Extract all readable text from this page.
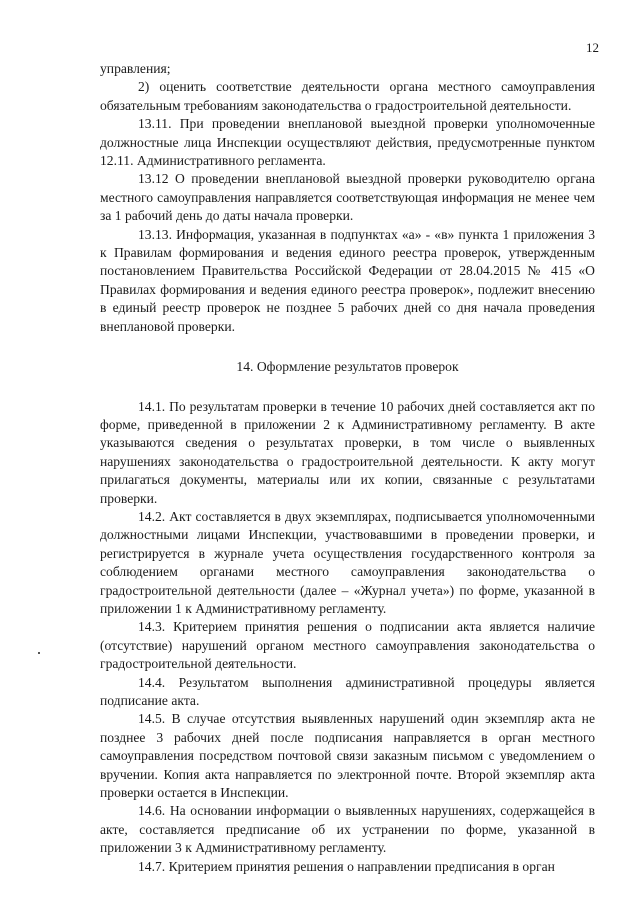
12

управления;

2) оценить соответствие деятельности органа местного самоуправления обязательным требованиям законодательства о градостроительной деятельности.

13.11. При проведении внеплановой выездной проверки уполномоченные должностные лица Инспекции осуществляют действия, предусмотренные пунктом 12.11. Административного регламента.

13.12 О проведении внеплановой выездной проверки руководителю органа местного самоуправления направляется соответствующая информация не менее чем за 1 рабочий день до даты начала проверки.

13.13. Информация, указанная в подпунктах «а» - «в» пункта 1 приложения 3 к Правилам формирования и ведения единого реестра проверок, утвержденным постановлением Правительства Российской Федерации от 28.04.2015 № 415 «О Правилах формирования и ведения единого реестра проверок», подлежит внесению в единый реестр проверок не позднее 5 рабочих дней со дня начала проведения внеплановой проверки.

14. Оформление результатов проверок

14.1. По результатам проверки в течение 10 рабочих дней составляется акт по форме, приведенной в приложении 2 к Административному регламенту. В акте указываются сведения о результатах проверки, в том числе о выявленных нарушениях законодательства о градостроительной деятельности. К акту могут прилагаться документы, материалы или их копии, связанные с результатами проверки.

14.2. Акт составляется в двух экземплярах, подписывается уполномоченными должностными лицами Инспекции, участвовавшими в проведении проверки, и регистрируется в журнале учета осуществления государственного контроля за соблюдением органами местного самоуправления законодательства о градостроительной деятельности (далее – «Журнал учета») по форме, указанной в приложении 1 к Административному регламенту.

14.3. Критерием принятия решения о подписании акта является наличие (отсутствие) нарушений органом местного самоуправления законодательства о градостроительной деятельности.

14.4. Результатом выполнения административной процедуры является подписание акта.

14.5. В случае отсутствия выявленных нарушений один экземпляр акта не позднее 3 рабочих дней после подписания направляется в орган местного самоуправления посредством почтовой связи заказным письмом с уведомлением о вручении. Копия акта направляется по электронной почте. Второй экземпляр акта проверки остается в Инспекции.

14.6. На основании информации о выявленных нарушениях, содержащейся в акте, составляется предписание об их устранении по форме, указанной в приложении 3 к Административному регламенту.

14.7. Критерием принятия решения о направлении предписания в орган
